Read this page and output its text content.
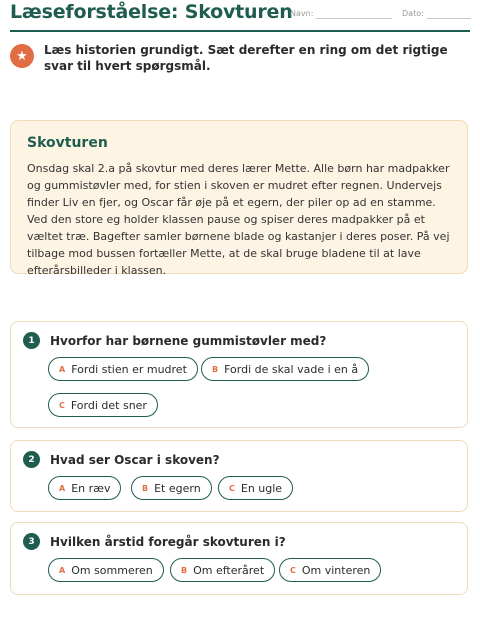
Læseforståelse: Skovturen
Navn:	Dato:
★	Læs historien grundigt. Sæt derefter en ring om det rigtige svar til hvert spørgsmål.
Skovturen
Onsdag skal 2.a på skovtur med deres lærer Mette. Alle børn har madpakker og gummistøvler med, for stien i skoven er mudret efter regnen. Undervejs finder Liv en fjer, og Oscar får øje på et egern, der piler op ad en stamme. Ved den store eg holder klassen pause og spiser deres madpakker på et væltet træ. Bagefter samler børnene blade og kastanjer i deres poser. På vej tilbage mod bussen fortæller Mette, at de skal bruge bladene til at lave efterårsbilleder i klassen.
1	Hvorfor har børnene gummistøvler med?
A Fordi stien er mudret	B Fordi de skal vade i en å
C Fordi det sner
2	Hvad ser Oscar i skoven?
A En ræv	B Et egern	C En ugle
3	Hvilken årstid foregår skovturen i?
A Om sommeren	B Om efteråret	C Om vinteren
